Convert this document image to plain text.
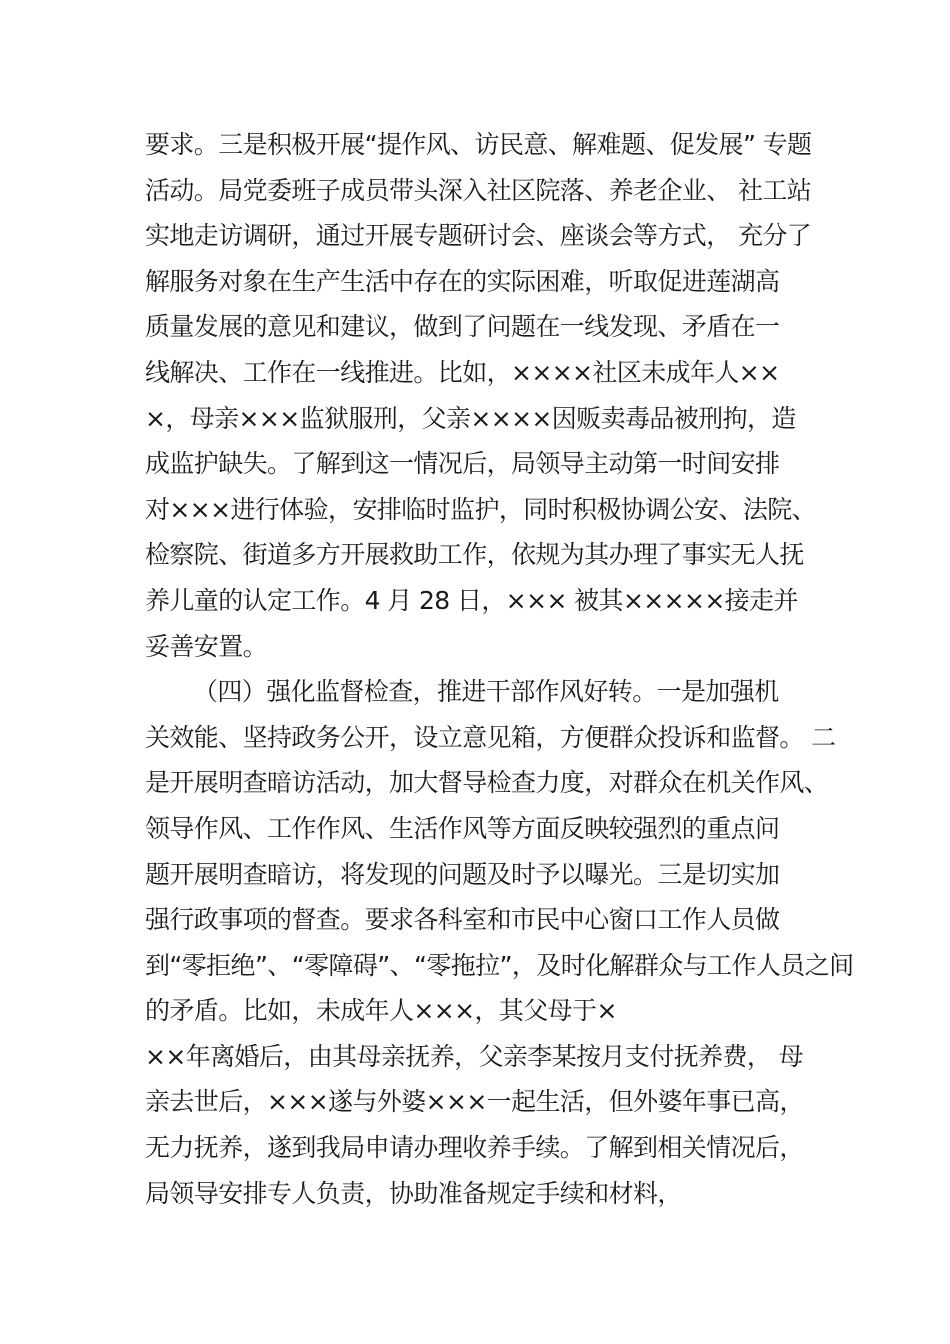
要求。三是积极开展“提作风、访民意、解难题、促发展” 专题
活动。局党委班子成员带头深入社区院落、养老企业、 社工站
实地走访调研，通过开展专题研讨会、座谈会等方式， 充分了
解服务对象在生产生活中存在的实际困难，听取促进莲湖高
质量发展的意见和建议，做到了问题在一线发现、矛盾在一
线解决、工作在一线推进。比如，××××社区未成年人××
×，母亲×××监狱服刑，父亲××××因贩卖毒品被刑拘，造
成监护缺失。了解到这一情况后，局领导主动第一时间安排
对×××进行体验，安排临时监护，同时积极协调公安、法院、
检察院、街道多方开展救助工作，依规为其办理了事实无人抚
养儿童的认定工作。4 月 28 日，××× 被其×××××接走并
妥善安置。
（四）强化监督检查，推进干部作风好转。一是加强机
关效能、坚持政务公开，设立意见箱，方便群众投诉和监督。 二
是开展明查暗访活动，加大督导检查力度，对群众在机关作风、
领导作风、工作作风、生活作风等方面反映较强烈的重点问
题开展明查暗访，将发现的问题及时予以曝光。三是切实加
强行政事项的督查。要求各科室和市民中心窗口工作人员做
到“零拒绝”、“零障碍”、“零拖拉”，及时化解群众与工作人员之间
的矛盾。比如，未成年人×××，其父母于×
××年离婚后，由其母亲抚养，父亲李某按月支付抚养费， 母
亲去世后，×××遂与外婆×××一起生活，但外婆年事已高，
无力抚养，遂到我局申请办理收养手续。了解到相关情况后，
局领导安排专人负责，协助准备规定手续和材料，
